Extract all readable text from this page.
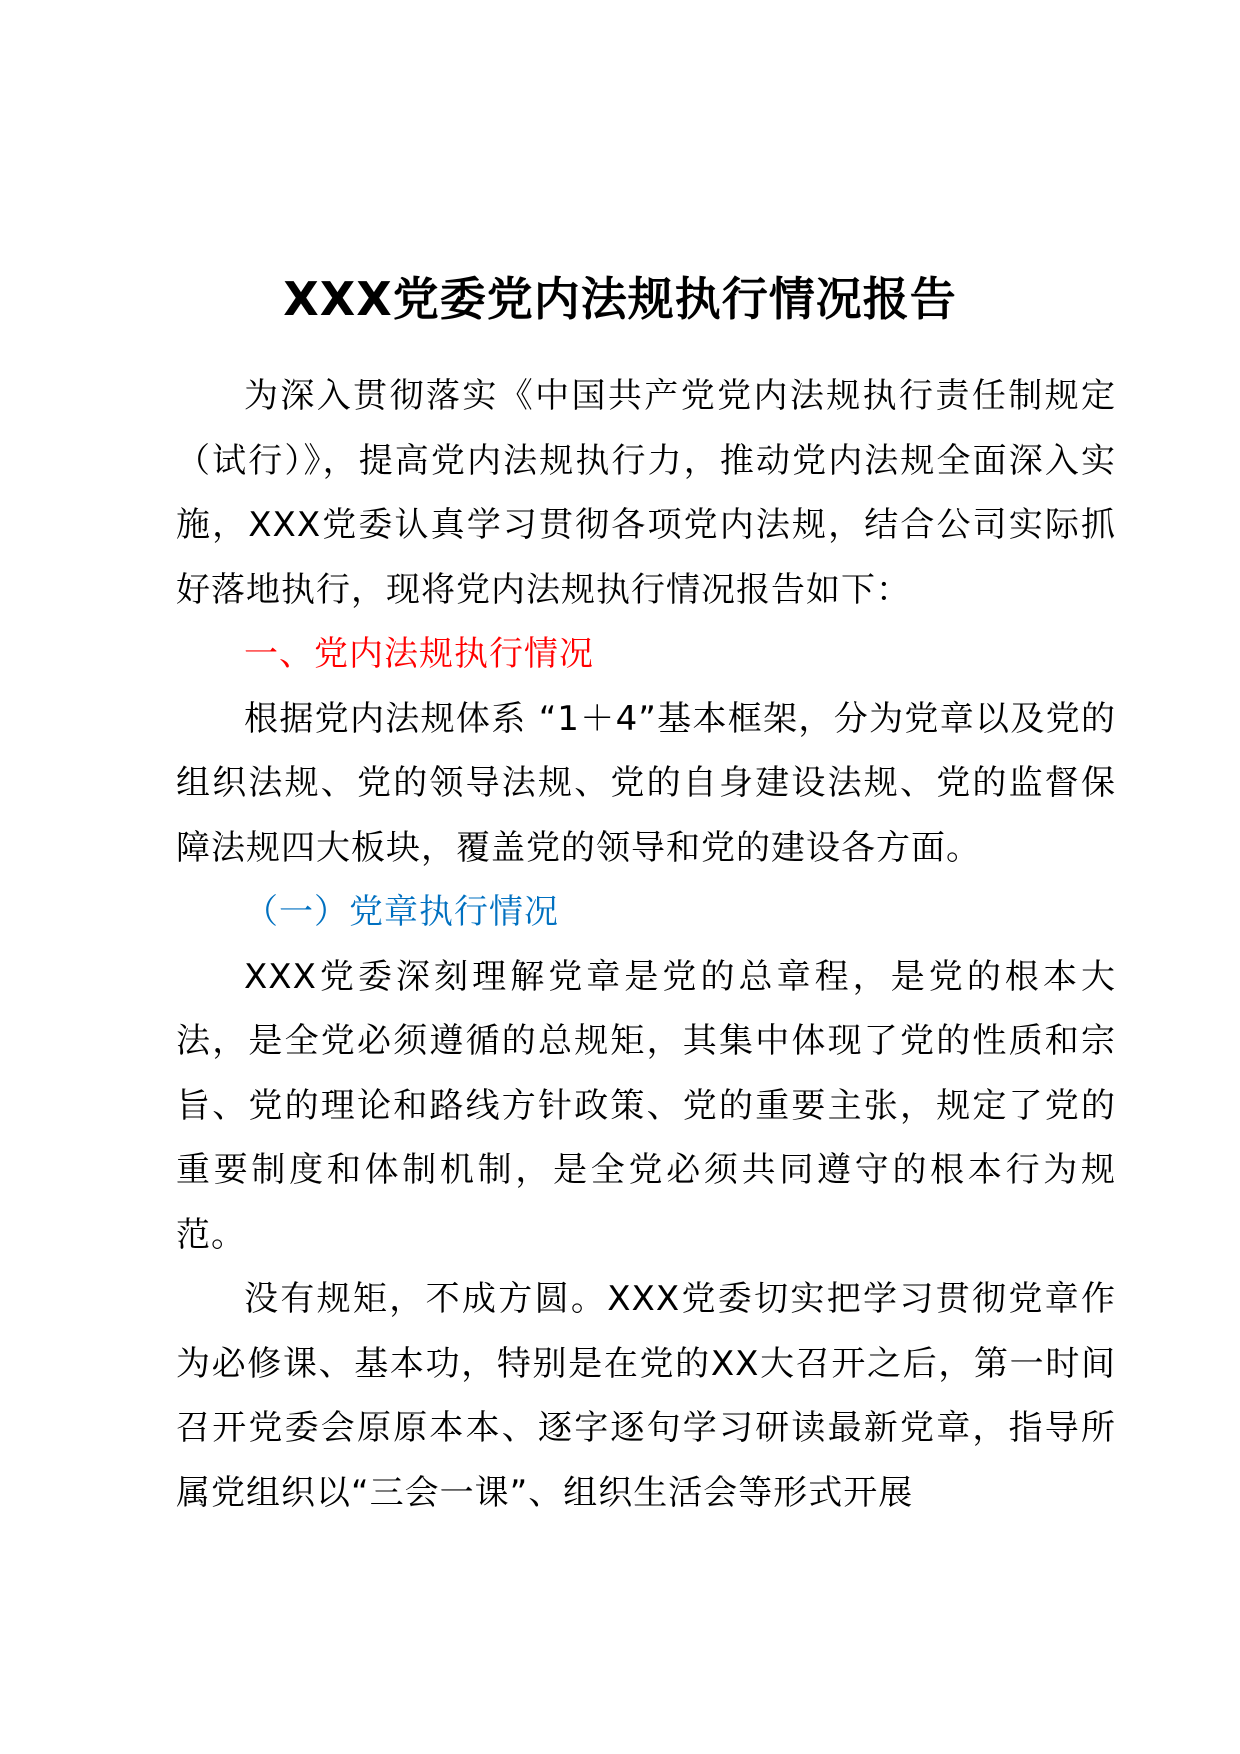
XXX党委党内法规执行情况报告

为深入贯彻落实《中国共产党党内法规执行责任制规定（试行）》，提高党内法规执行力，推动党内法规全面深入实施，XXX党委认真学习贯彻各项党内法规，结合公司实际抓好落地执行，现将党内法规执行情况报告如下：

一、党内法规执行情况

根据党内法规体系 “1＋4”基本框架，分为党章以及党的组织法规、党的领导法规、党的自身建设法规、党的监督保障法规四大板块，覆盖党的领导和党的建设各方面。

（一）党章执行情况

XXX党委深刻理解党章是党的总章程，是党的根本大法，是全党必须遵循的总规矩，其集中体现了党的性质和宗旨、党的理论和路线方针政策、党的重要主张，规定了党的重要制度和体制机制，是全党必须共同遵守的根本行为规范。

没有规矩，不成方圆。XXX党委切实把学习贯彻党章作为必修课、基本功，特别是在党的XX大召开之后，第一时间召开党委会原原本本、逐字逐句学习研读最新党章，指导所属党组织以“三会一课”、组织生活会等形式开展
